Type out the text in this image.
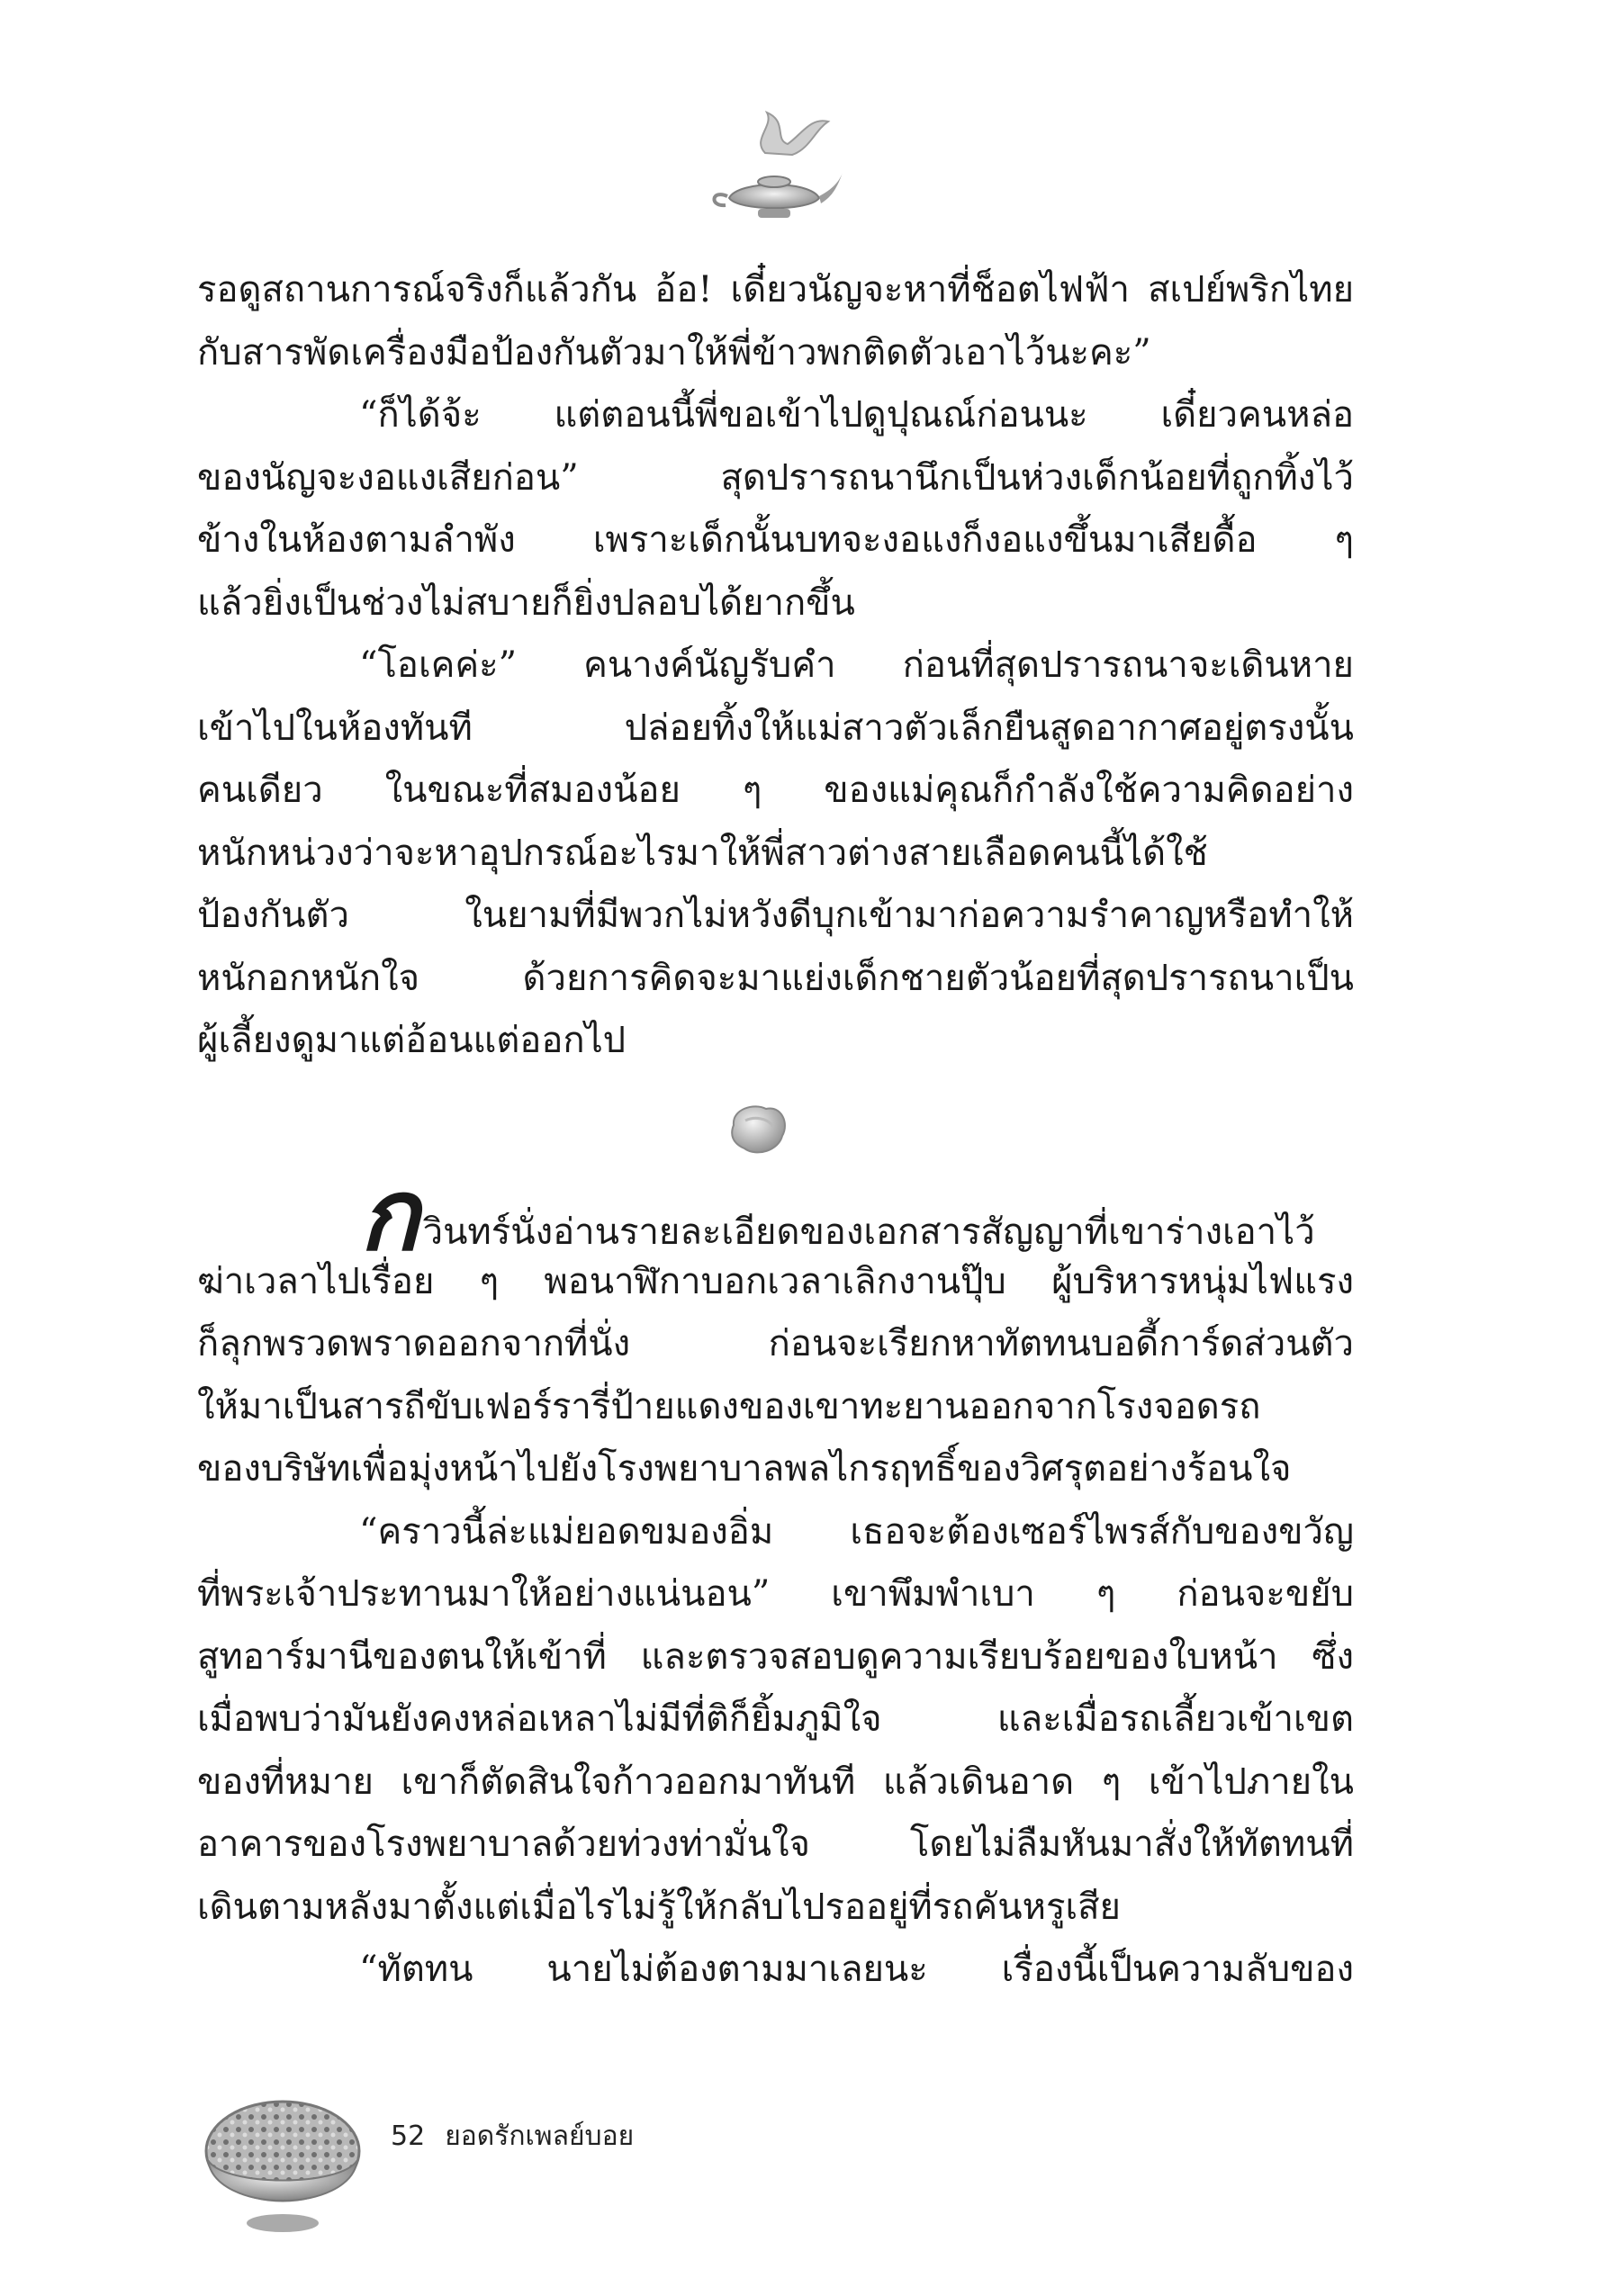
รอดูสถานการณ์จริงก็แล้วกัน อ้อ! เดี๋ยวนัญจะหาที่ช็อตไฟฟ้า สเปย์พริกไทย
กับสารพัดเครื่องมือป้องกันตัวมาให้พี่ข้าวพกติดตัวเอาไว้นะคะ”
“ก็ได้จ้ะ แต่ตอนนี้พี่ขอเข้าไปดูปุณณ์ก่อนนะ เดี๋ยวคนหล่อ
ของนัญจะงอแงเสียก่อน” สุดปรารถนานึกเป็นห่วงเด็กน้อยที่ถูกทิ้งไว้
ข้างในห้องตามลำพัง เพราะเด็กนั้นบทจะงอแงก็งอแงขึ้นมาเสียดื้อ ๆ
แล้วยิ่งเป็นช่วงไม่สบายก็ยิ่งปลอบได้ยากขึ้น
“โอเคค่ะ” คนางค์นัญรับคำ ก่อนที่สุดปรารถนาจะเดินหาย
เข้าไปในห้องทันที ปล่อยทิ้งให้แม่สาวตัวเล็กยืนสูดอากาศอยู่ตรงนั้น
คนเดียว ในขณะที่สมองน้อย ๆ ของแม่คุณก็กำลังใช้ความคิดอย่าง
หนักหน่วงว่าจะหาอุปกรณ์อะไรมาให้พี่สาวต่างสายเลือดคนนี้ได้ใช้
ป้องกันตัว ในยามที่มีพวกไม่หวังดีบุกเข้ามาก่อความรำคาญหรือทำให้
หนักอกหนักใจ ด้วยการคิดจะมาแย่งเด็กชายตัวน้อยที่สุดปรารถนาเป็น
ผู้เลี้ยงดูมาแต่อ้อนแต่ออกไป
กวินทร์นั่งอ่านรายละเอียดของเอกสารสัญญาที่เขาร่างเอาไว้
ฆ่าเวลาไปเรื่อย ๆ พอนาฬิกาบอกเวลาเลิกงานปุ๊บ ผู้บริหารหนุ่มไฟแรง
ก็ลุกพรวดพราดออกจากที่นั่ง ก่อนจะเรียกหาทัตทนบอดี้การ์ดส่วนตัว
ให้มาเป็นสารถีขับเฟอร์รารี่ป้ายแดงของเขาทะยานออกจากโรงจอดรถ
ของบริษัทเพื่อมุ่งหน้าไปยังโรงพยาบาลพลไกรฤทธิ์ของวิศรุตอย่างร้อนใจ
“คราวนี้ล่ะแม่ยอดขมองอิ่ม เธอจะต้องเซอร์ไพรส์กับของขวัญ
ที่พระเจ้าประทานมาให้อย่างแน่นอน” เขาพึมพำเบา ๆ ก่อนจะขยับ
สูทอาร์มานีของตนให้เข้าที่ และตรวจสอบดูความเรียบร้อยของใบหน้า ซึ่ง
เมื่อพบว่ามันยังคงหล่อเหลาไม่มีที่ติก็ยิ้มภูมิใจ และเมื่อรถเลี้ยวเข้าเขต
ของที่หมาย เขาก็ตัดสินใจก้าวออกมาทันที แล้วเดินอาด ๆ เข้าไปภายใน
อาคารของโรงพยาบาลด้วยท่วงท่ามั่นใจ โดยไม่ลืมหันมาสั่งให้ทัตทนที่
เดินตามหลังมาตั้งแต่เมื่อไรไม่รู้ให้กลับไปรออยู่ที่รถคันหรูเสีย
“ทัตทน นายไม่ต้องตามมาเลยนะ เรื่องนี้เป็นความลับของ
52 ยอดรักเพลย์บอย
